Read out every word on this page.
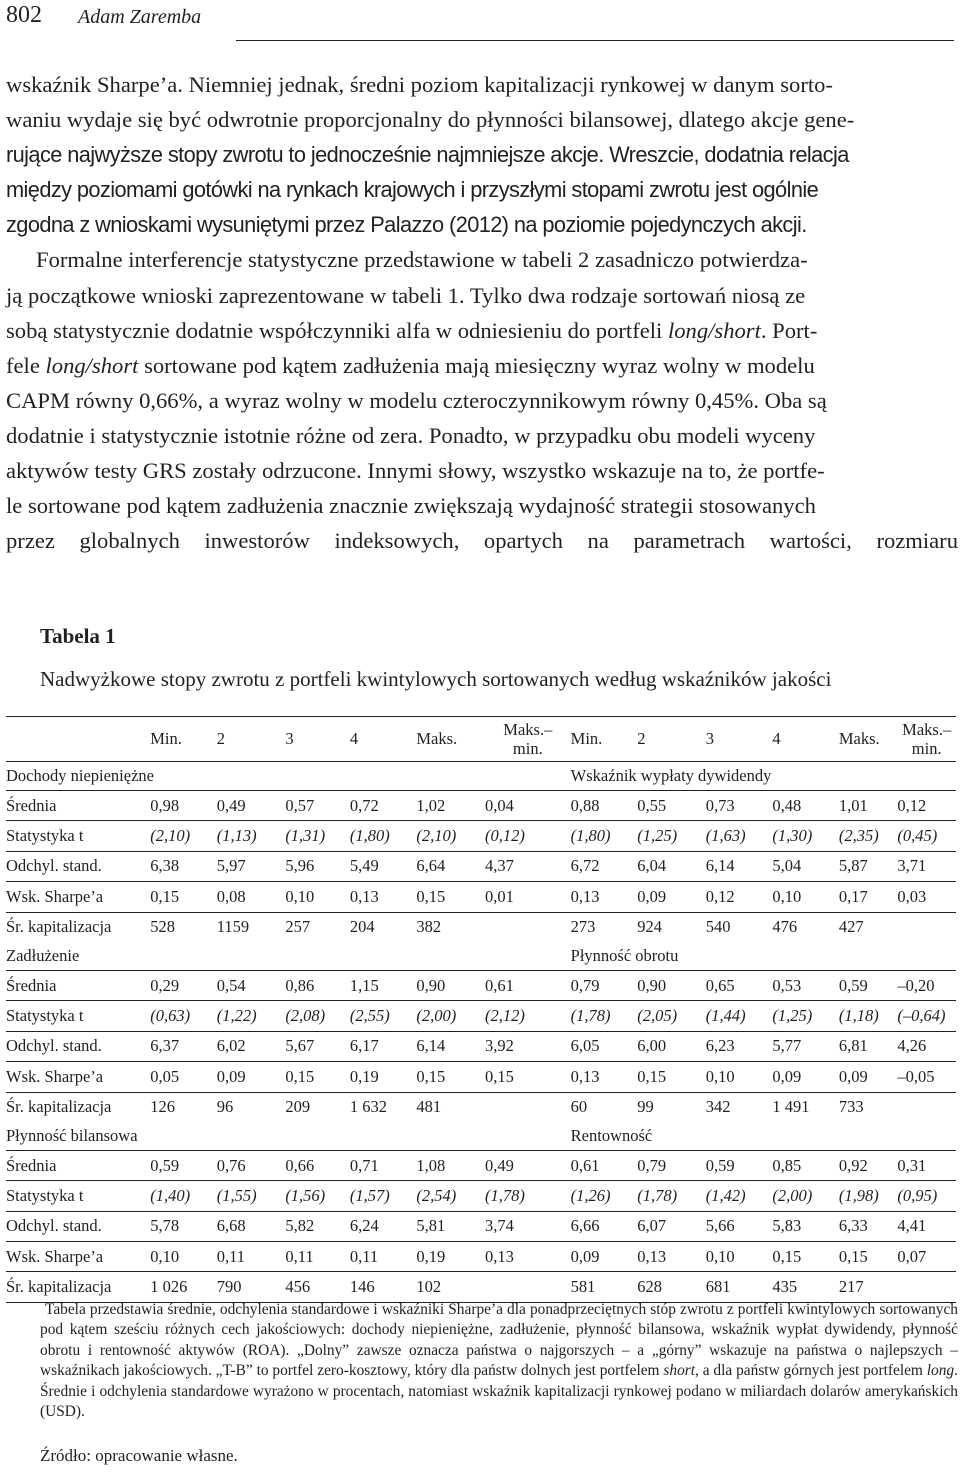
802 Adam Zaremba

wskaźnik Sharpe’a. Niemniej jednak, średni poziom kapitalizacji rynkowej w danym sorto-

waniu wydaje się być odwrotnie proporcjonalny do płynności bilansowej, dlatego akcje gene-

rujące najwyższe stopy zwrotu to jednocześnie najmniejsze akcje. Wreszcie, dodatnia relacja

między poziomami gotówki na rynkach krajowych i przyszłymi stopami zwrotu jest ogólnie

zgodna z wnioskami wysuniętymi przez Palazzo (2012) na poziomie pojedynczych akcji.

Formalne interferencje statystyczne przedstawione w tabeli 2 zasadniczo potwierdza-

ją początkowe wnioski zaprezentowane w tabeli 1. Tylko dwa rodzaje sortowań niosą ze

sobą statystycznie dodatnie współczynniki alfa w odniesieniu do portfeli long/short. Port-

fele long/short sortowane pod kątem zadłużenia mają miesięczny wyraz wolny w modelu

CAPM równy 0,66%, a wyraz wolny w modelu czteroczynnikowym równy 0,45%. Oba są

dodatnie i statystycznie istotnie różne od zera. Ponadto, w przypadku obu modeli wyceny

aktywów testy GRS zostały odrzucone. Innymi słowy, wszystko wskazuje na to, że portfe-

le sortowane pod kątem zadłużenia znacznie zwiększają wydajność strategii stosowanych

przez globalnych inwestorów indeksowych, opartych na parametrach wartości, rozmiaru

Tabela 1
Nadwyżkowe stopy zwrotu z portfeli kwintylowych sortowanych według wskaźników jakości
	Min.	2	3	4	Maks.	Maks.–
min.	Min.	2	3	4	Maks.	Maks.–
min.
Dochody niepieniężne							Wskaźnik wypłaty dywidendy					
Średnia	0,98	0,49	0,57	0,72	1,02	0,04	0,88	0,55	0,73	0,48	1,01	0,12
Statystyka t	(2,10)	(1,13)	(1,31)	(1,80)	(2,10)	(0,12)	(1,80)	(1,25)	(1,63)	(1,30)	(2,35)	(0,45)
Odchyl. stand.	6,38	5,97	5,96	5,49	6,64	4,37	6,72	6,04	6,14	5,04	5,87	3,71
Wsk. Sharpe’a	0,15	0,08	0,10	0,13	0,15	0,01	0,13	0,09	0,12	0,10	0,17	0,03
Śr. kapitalizacja	528	1159	257	204	382		273	924	540	476	427	
Zadłużenie							Płynność obrotu					
Średnia	0,29	0,54	0,86	1,15	0,90	0,61	0,79	0,90	0,65	0,53	0,59	–0,20
Statystyka t	(0,63)	(1,22)	(2,08)	(2,55)	(2,00)	(2,12)	(1,78)	(2,05)	(1,44)	(1,25)	(1,18)	(–0,64)
Odchyl. stand.	6,37	6,02	5,67	6,17	6,14	3,92	6,05	6,00	6,23	5,77	6,81	4,26
Wsk. Sharpe’a	0,05	0,09	0,15	0,19	0,15	0,15	0,13	0,15	0,10	0,09	0,09	–0,05
Śr. kapitalizacja	126	96	209	1 632	481		60	99	342	1 491	733	
Płynność bilansowa							Rentowność					
Średnia	0,59	0,76	0,66	0,71	1,08	0,49	0,61	0,79	0,59	0,85	0,92	0,31
Statystyka t	(1,40)	(1,55)	(1,56)	(1,57)	(2,54)	(1,78)	(1,26)	(1,78)	(1,42)	(2,00)	(1,98)	(0,95)
Odchyl. stand.	5,78	6,68	5,82	6,24	5,81	3,74	6,66	6,07	5,66	5,83	6,33	4,41
Wsk. Sharpe’a	0,10	0,11	0,11	0,11	0,19	0,13	0,09	0,13	0,10	0,15	0,15	0,07
Śr. kapitalizacja	1 026	790	456	146	102		581	628	681	435	217	
Tabela przedstawia średnie, odchylenia standardowe i wskaźniki Sharpe’a dla ponadprzeciętnych stóp zwrotu z portfeli kwintylowych sortowanych pod kątem sześciu różnych cech jakościowych: dochody niepieniężne, zadłużenie, płynność bilansowa, wskaźnik wypłat dywidendy, płynność obrotu i rentowność aktywów (ROA). „Dolny” zawsze oznacza państwa o najgorszych – a „górny” wskazuje na państwa o najlepszych – wskaźnikach jakościowych. „T-B” to portfel zero-kosztowy, który dla państw dolnych jest portfelem short, a dla państw górnych jest portfelem long. Średnie i odchylenia standardowe wyrażono w procentach, natomiast wskaźnik kapitalizacji rynkowej podano w miliardach dolarów amerykańskich (USD).
Źródło: opracowanie własne.
